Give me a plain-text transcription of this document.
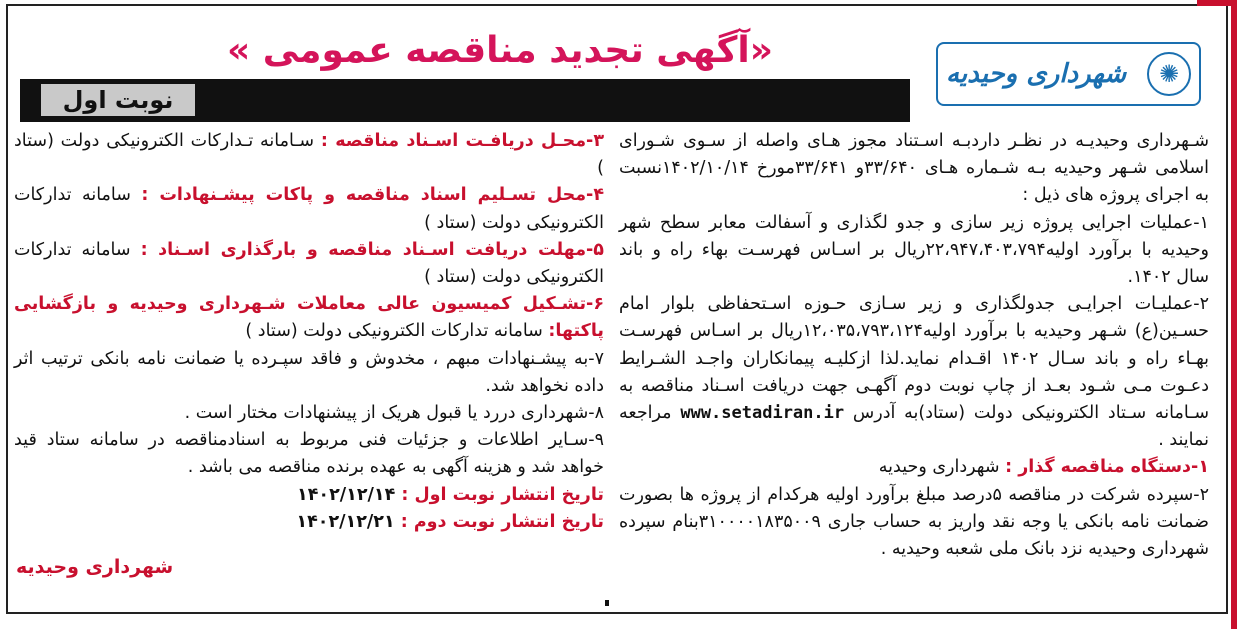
«آگهی تجدید مناقصه عمومی »
✺
شهرداری وحیدیه
نوبت اول

شـهرداری وحیدیـه در نظـر داردبـه اسـتناد مجوز هـای واصله از سـوی شـورای اسلامی شـهر وحیدیه بـه شـماره هـای ۳۳/۶۴۰و ۳۳/۶۴۱مورخ ۱۴۰۲/۱۰/۱۴نسبت به اجرای پروژه های ذیل :

۱-عملیات اجرایی پروژه زیر سازی و جدو لگذاری و آسفالت معابر سطح شهر وحیدیه با برآورد اولیه۲۲،۹۴۷،۴۰۳،۷۹۴ریال بر اسـاس فهرسـت بهاء راه و باند سال ۱۴۰۲.

۲-عملیـات اجرایـی جدولگذاری و زیر سـازی حـوزه اسـتحفاظی بلوار امام حسـین(ع) شـهر وحیدیه با برآورد اولیه۱۲،۰۳۵،۷۹۳،۱۲۴ریال بر اسـاس فهرسـت بهـاء راه و باند سـال ۱۴۰۲ اقـدام نماید.لذا ازکلیـه پیمانکاران واجـد الشـرایط دعـوت مـی شـود بعـد از چاپ نوبت دوم آگهـی جهت دریافت اسـناد مناقصه به سـامانه سـتاد الکترونیکی دولت (ستاد)به آدرس www.setadiran.ir مراجعه نمایند .

۱-دستگاه مناقصه گذار : شهرداری وحیدیه

۲-سپرده شرکت در مناقصه ۵درصد مبلغ برآورد اولیه هرکدام از پروژه ها بصورت ضمانت نامه بانکی یا وجه نقد واریز به حساب جاری ۳۱۰۰۰۰۱۸۳۵۰۰۹بنام سپرده شهرداری وحیدیه نزد بانک ملی شعبه وحیدیه .

۳-محـل دریافـت اسـناد مناقصه : سـامانه تـدارکات الکترونیکی دولت (ستاد )

۴-محل تسـلیم اسناد مناقصه و پاکات پیشـنهادات : سامانه تدارکات الکترونیکی دولت (ستاد )

۵-مهلت دریافت اسـناد مناقصه و بارگذاری اسـناد : سامانه تدارکات الکترونیکی دولت (ستاد )

۶-تشـکیل کمیسیون عالی معاملات شـهرداری وحیدیه و بازگشایی پاکتها: سامانه تدارکات الکترونیکی دولت (ستاد )

۷-به پیشـنهادات مبهم ، مخدوش و فاقد سپـرده یا ضمانت نامه بانکی ترتیب اثر داده نخواهد شد.

۸-شهرداری دررد یا قبول هریک از پیشنهادات مختار است .

۹-سـایر اطلاعات و جزئیات فنی مربوط به اسنادمناقصه در سامانه ستاد قید خواهد شد و هزینه آگهی به عهده برنده مناقصه می باشد .

تاریخ انتشار نوبت اول : ۱۴۰۲/۱۲/۱۴

تاریخ انتشار نوبت دوم : ۱۴۰۲/۱۲/۲۱

شهرداری وحیدیه
